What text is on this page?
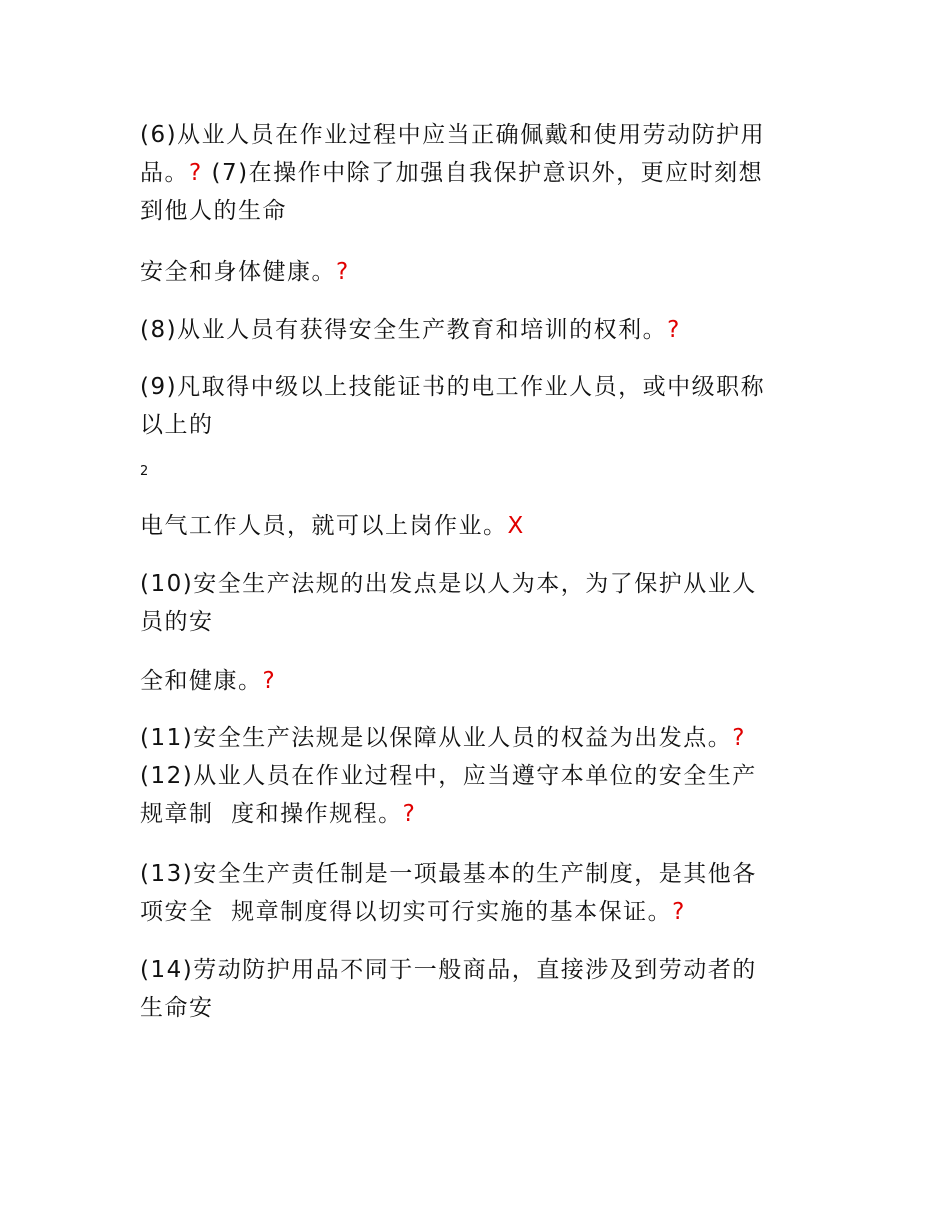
(6)从业人员在作业过程中应当正确佩戴和使用劳动防护用
品。? (7)在操作中除了加强自我保护意识外，更应时刻想
到他人的生命

安全和身体健康。?

(8)从业人员有获得安全生产教育和培训的权利。?

(9)凡取得中级以上技能证书的电工作业人员，或中级职称
以上的

2

电气工作人员，就可以上岗作业。X

(10)安全生产法规的出发点是以人为本，为了保护从业人
员的安

全和健康。?

(11)安全生产法规是以保障从业人员的权益为出发点。?
(12)从业人员在作业过程中，应当遵守本单位的安全生产
规章制  度和操作规程。?

(13)安全生产责任制是一项最基本的生产制度，是其他各
项安全  规章制度得以切实可行实施的基本保证。?

(14)劳动防护用品不同于一般商品，直接涉及到劳动者的
生命安
